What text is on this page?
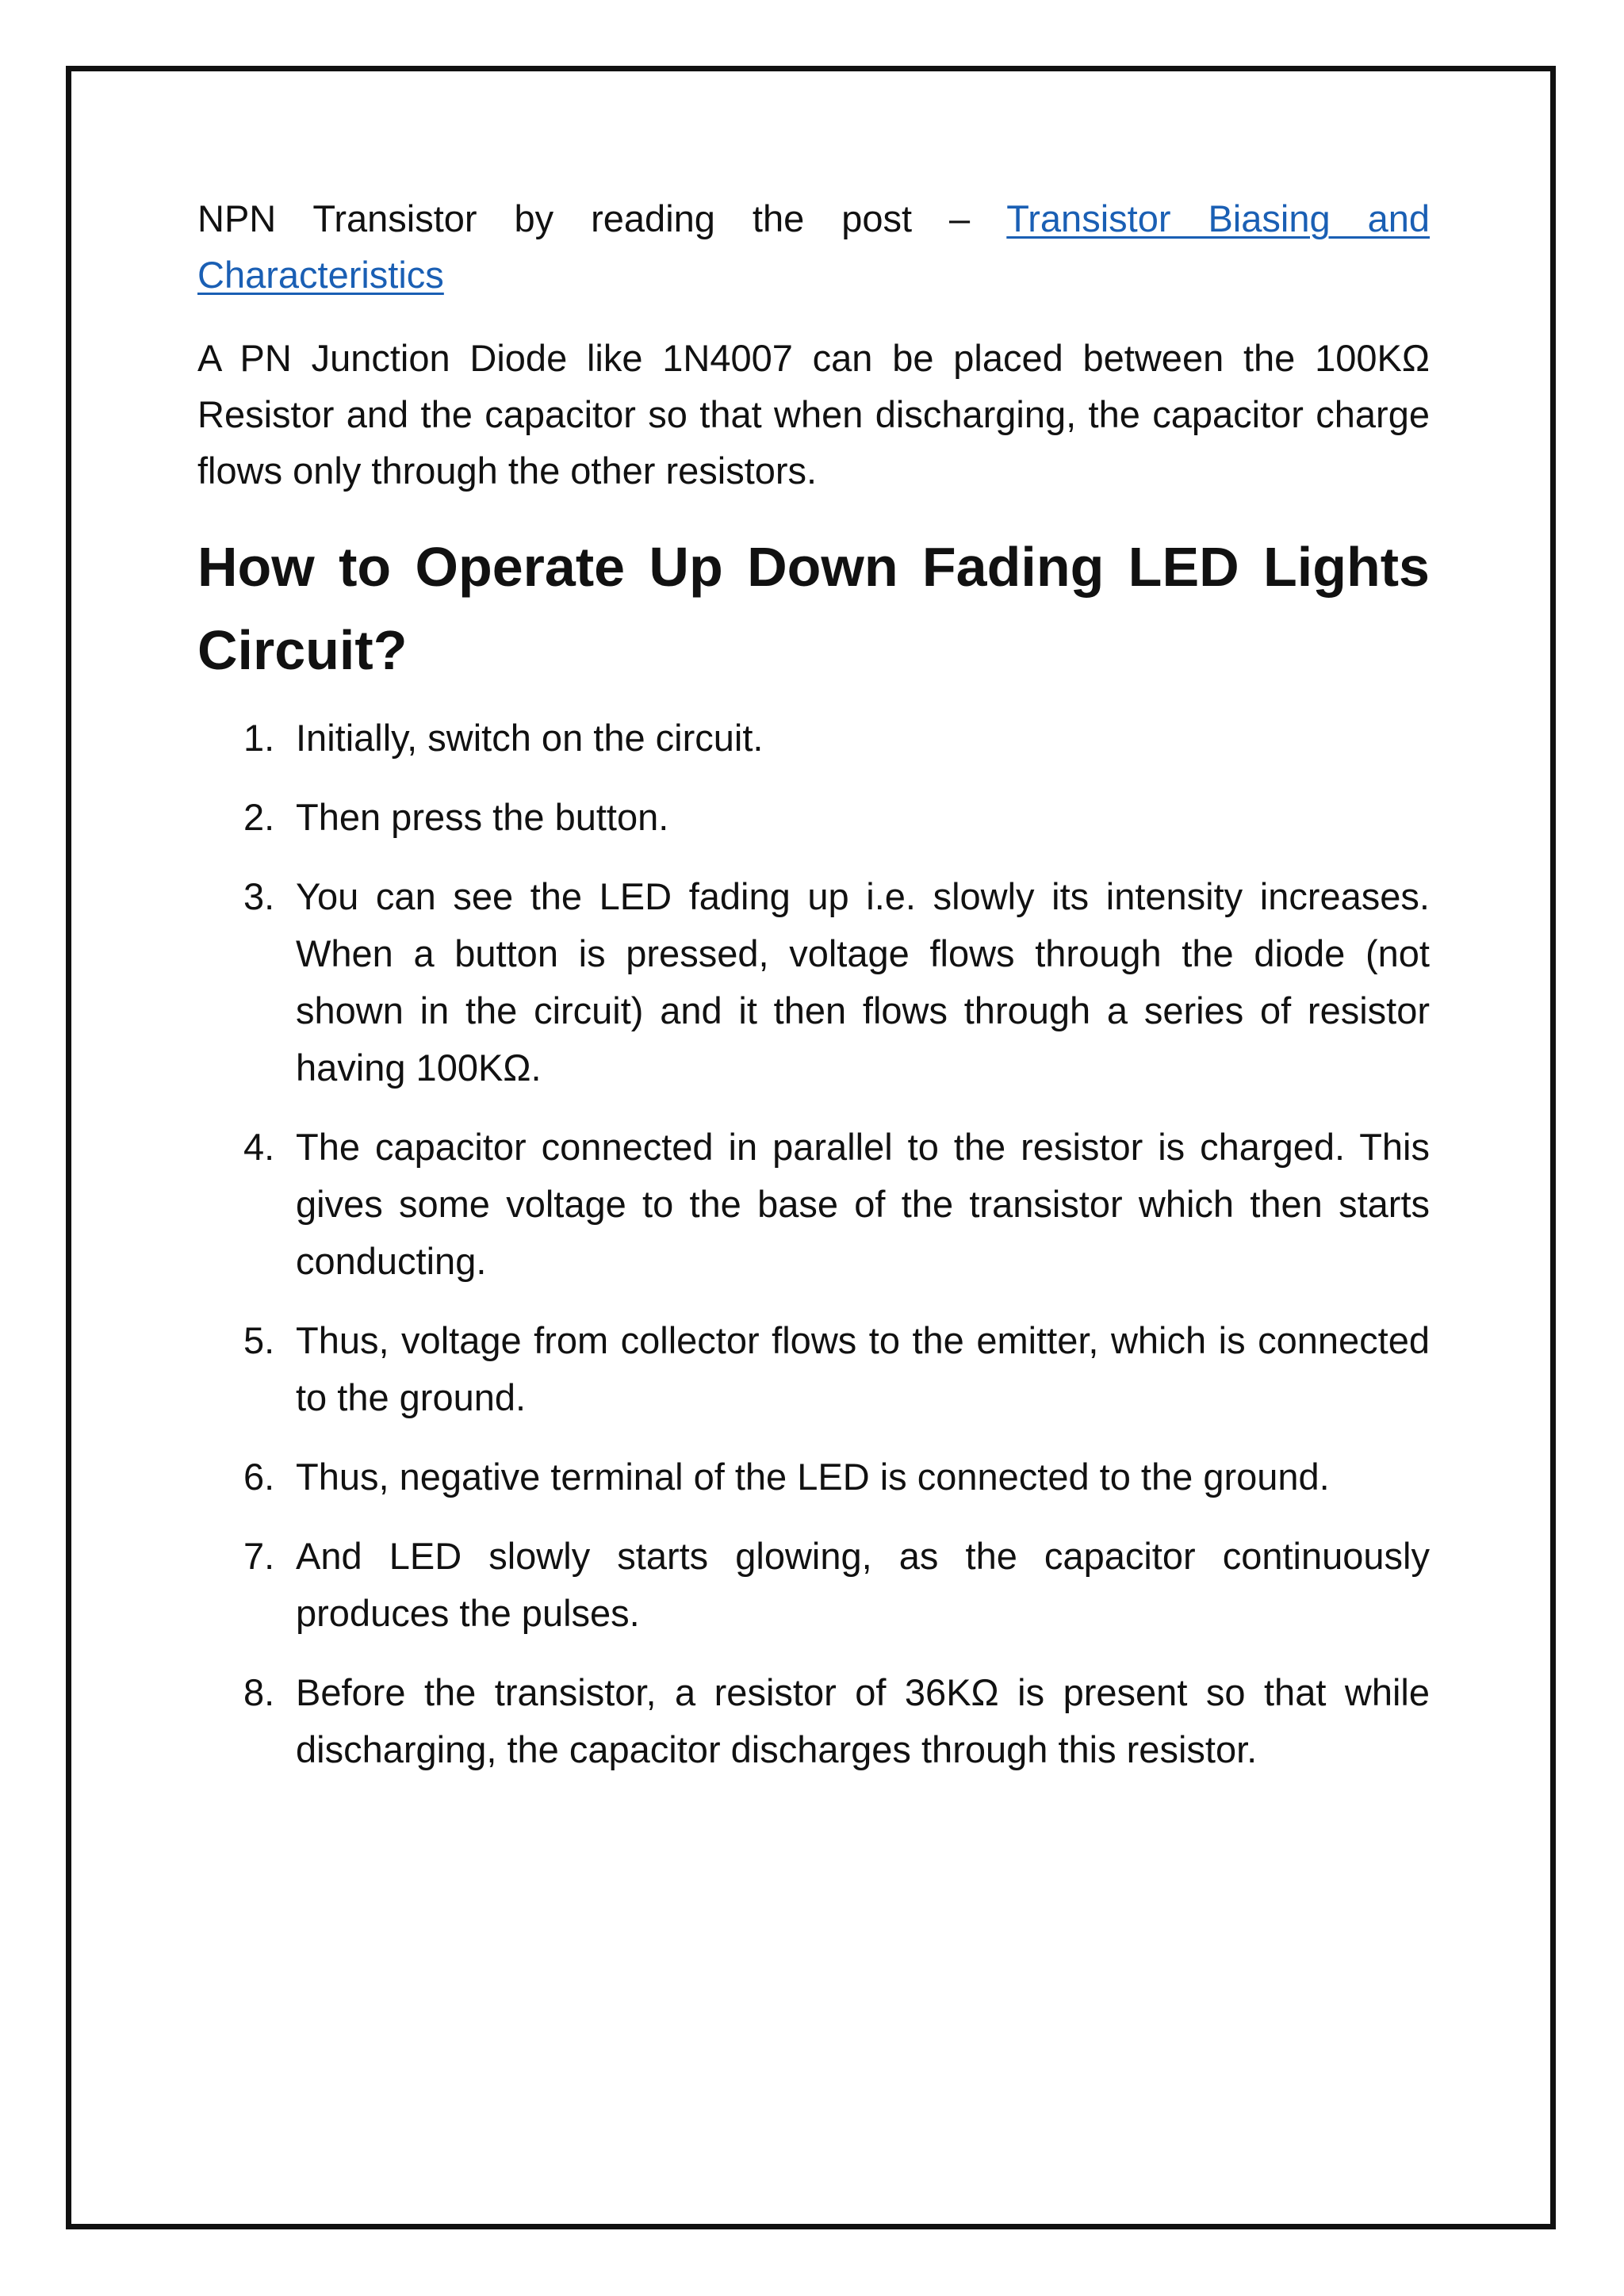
NPN Transistor by reading the post – Transistor Biasing and Characteristics

A PN Junction Diode like 1N4007 can be placed between the 100KΩ Resistor and the capacitor so that when discharging, the capacitor charge flows only through the other resistors.

How to Operate Up Down Fading LED Lights Circuit?
1. Initially, switch on the circuit.
2. Then press the button.
3. You can see the LED fading up i.e. slowly its intensity increases. When a button is pressed, voltage flows through the diode (not shown in the circuit) and it then flows through a series of resistor having 100KΩ.
4. The capacitor connected in parallel to the resistor is charged. This gives some voltage to the base of the transistor which then starts conducting.
5. Thus, voltage from collector flows to the emitter, which is connected to the ground.
6. Thus, negative terminal of the LED is connected to the ground.
7. And LED slowly starts glowing, as the capacitor continuously produces the pulses.
8. Before the transistor, a resistor of 36KΩ is present so that while discharging, the capacitor discharges through this resistor.
